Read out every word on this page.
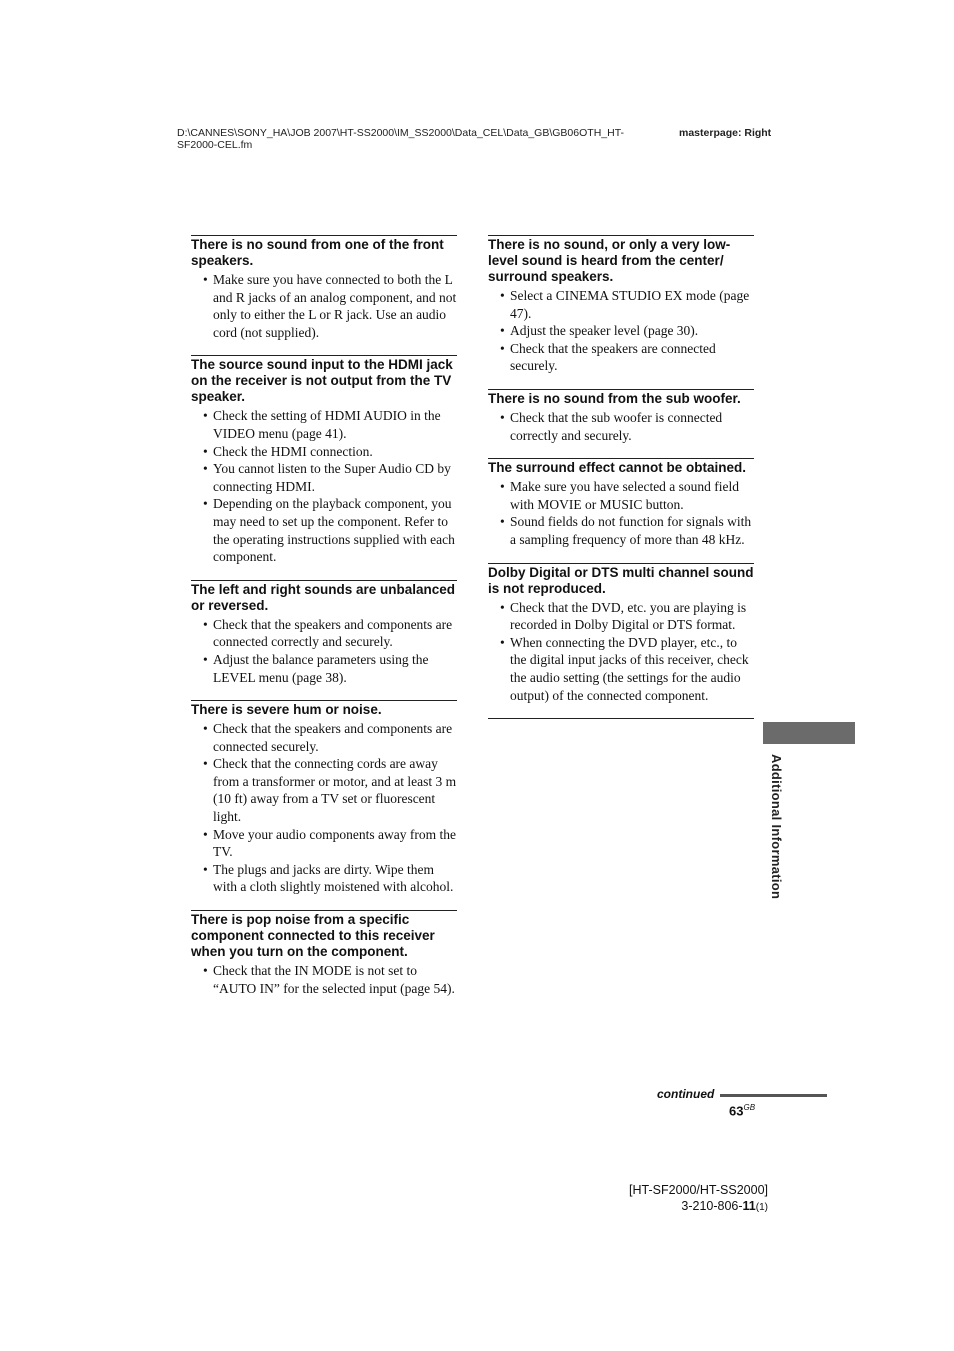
D:\CANNES\SONY_HA\JOB 2007\HT-SS2000\IM_SS2000\Data_CEL\Data_GB\GB06OTH_HT-SF2000-CEL.fm
masterpage: Right
There is no sound from one of the front speakers.
• Make sure you have connected to both the L and R jacks of an analog component, and not only to either the L or R jack. Use an audio cord (not supplied).
The source sound input to the HDMI jack on the receiver is not output from the TV speaker.
• Check the setting of HDMI AUDIO in the VIDEO menu (page 41).
• Check the HDMI connection.
• You cannot listen to the Super Audio CD by connecting HDMI.
• Depending on the playback component, you may need to set up the component. Refer to the operating instructions supplied with each component.
The left and right sounds are unbalanced or reversed.
• Check that the speakers and components are connected correctly and securely.
• Adjust the balance parameters using the LEVEL menu (page 38).
There is severe hum or noise.
• Check that the speakers and components are connected securely.
• Check that the connecting cords are away from a transformer or motor, and at least 3 m (10 ft) away from a TV set or fluorescent light.
• Move your audio components away from the TV.
• The plugs and jacks are dirty. Wipe them with a cloth slightly moistened with alcohol.
There is pop noise from a specific component connected to this receiver when you turn on the component.
• Check that the IN MODE is not set to “AUTO IN” for the selected input (page 54).
There is no sound, or only a very low-level sound is heard from the center/ surround speakers.
• Select a CINEMA STUDIO EX mode (page 47).
• Adjust the speaker level (page 30).
• Check that the speakers are connected securely.
There is no sound from the sub woofer.
• Check that the sub woofer is connected correctly and securely.
The surround effect cannot be obtained.
• Make sure you have selected a sound field with MOVIE or MUSIC button.
• Sound fields do not function for signals with a sampling frequency of more than 48 kHz.
Dolby Digital or DTS multi channel sound is not reproduced.
• Check that the DVD, etc. you are playing is recorded in Dolby Digital or DTS format.
• When connecting the DVD player, etc., to the digital input jacks of this receiver, check the audio setting (the settings for the audio output) of the connected component.
Additional Information
continued
$63^{GB}$
[HT-SF2000/HT-SS2000]
3-210-806-11(1)
